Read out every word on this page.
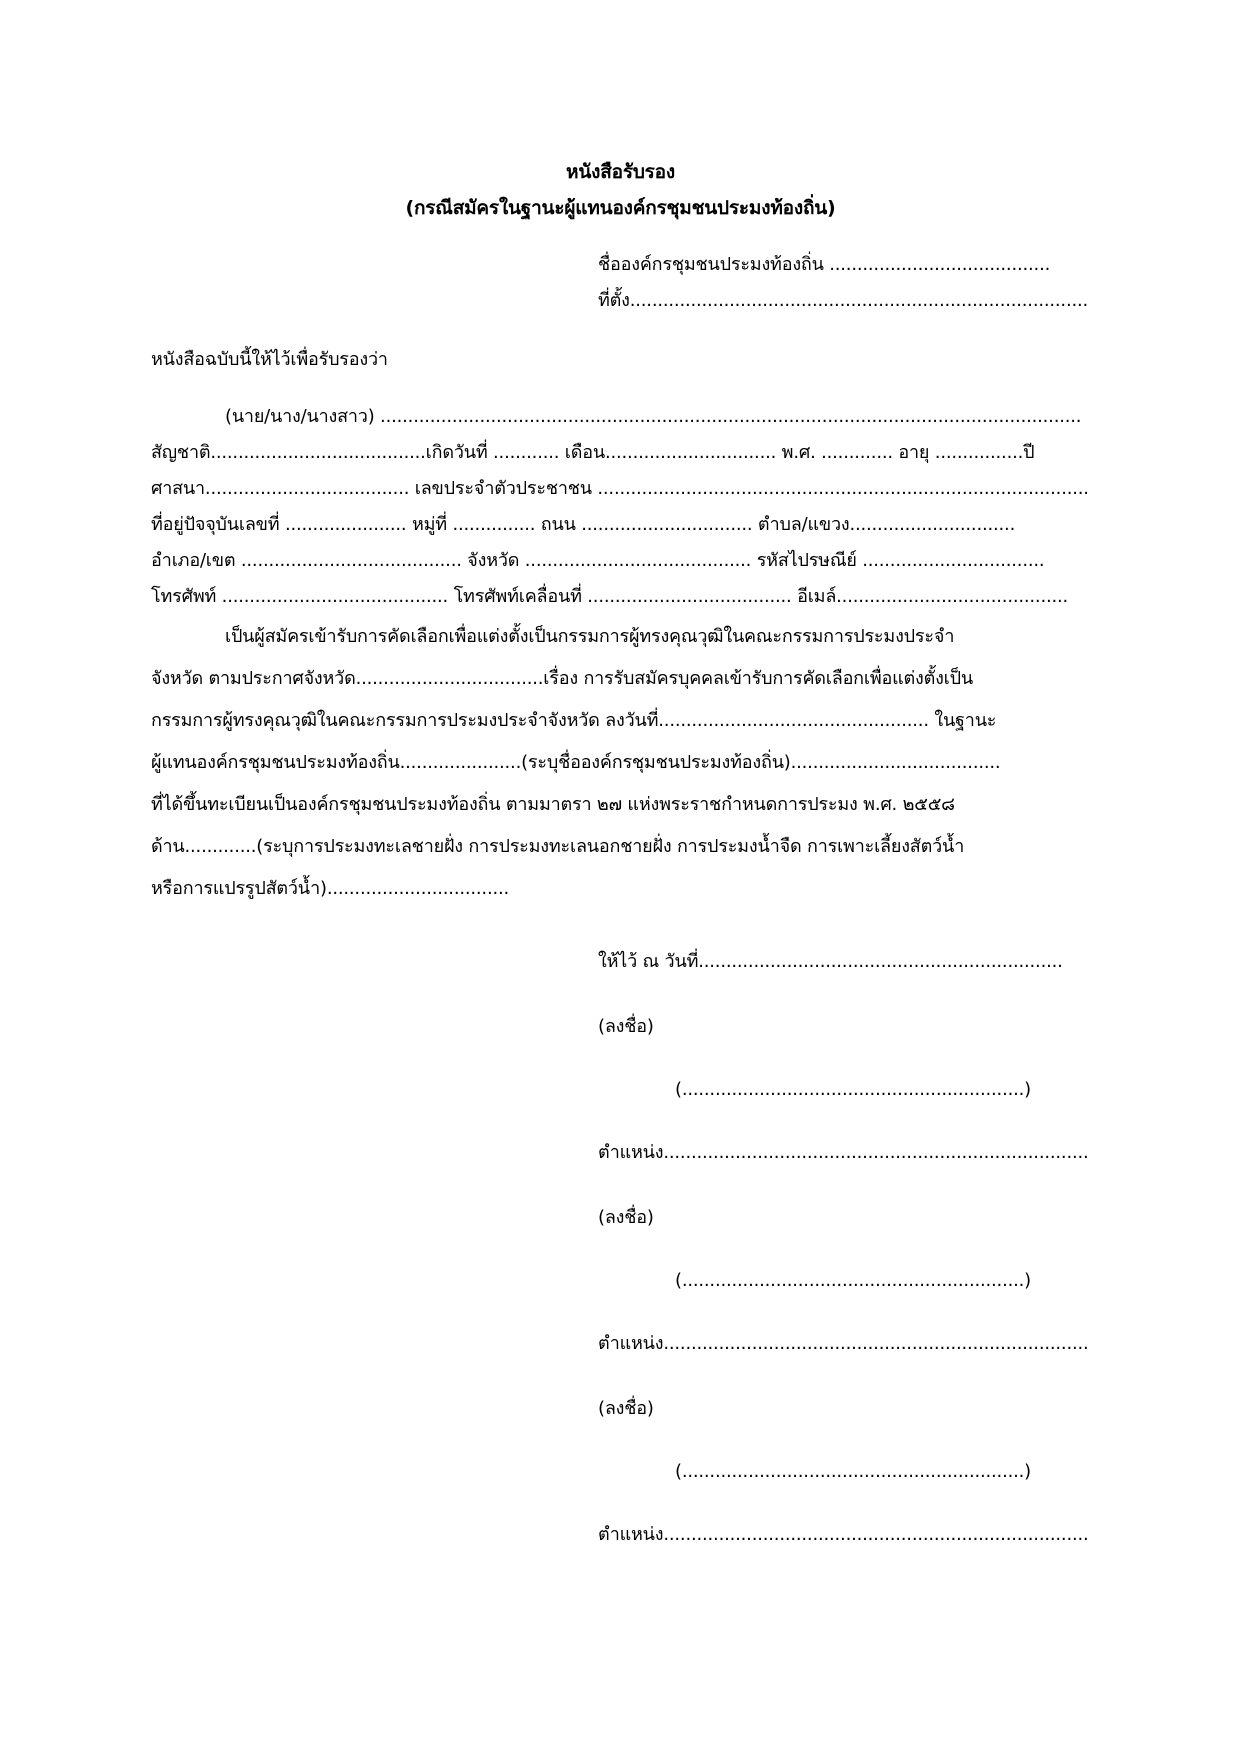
หนังสือรับรอง
(กรณีสมัครในฐานะผู้แทนองค์กรชุมชนประมงท้องถิ่น)
ชื่อองค์กรชุมชนประมงท้องถิ่น ........................................
ที่ตั้ง...................................................................................
หนังสือฉบับนี้ให้ไว้เพื่อรับรองว่า
(นาย/นาง/นางสาว) ...............................................................................................................................
สัญชาติ.......................................เกิดวันที่ ............ เดือน............................... พ.ศ. ............. อายุ ................ปี
ศาสนา..................................... เลขประจำตัวประชาชน .........................................................................................
ที่อยู่ปัจจุบันเลขที่ ...................... หมู่ที่ ............... ถนน ............................... ตำบล/แขวง..............................
อำเภอ/เขต ........................................ จังหวัด ......................................... รหัสไปรษณีย์ .................................
โทรศัพท์ ......................................... โทรศัพท์เคลื่อนที่ ..................................... อีเมล์..........................................
เป็นผู้สมัครเข้ารับการคัดเลือกเพื่อแต่งตั้งเป็นกรรมการผู้ทรงคุณวุฒิในคณะกรรมการประมงประจำ
จังหวัด ตามประกาศจังหวัด..................................เรื่อง การรับสมัครบุคคลเข้ารับการคัดเลือกเพื่อแต่งตั้งเป็น
กรรมการผู้ทรงคุณวุฒิในคณะกรรมการประมงประจำจังหวัด ลงวันที่................................................. ในฐานะ
ผู้แทนองค์กรชุมชนประมงท้องถิ่น......................(ระบุชื่อองค์กรชุมชนประมงท้องถิ่น)......................................
ที่ได้ขึ้นทะเบียนเป็นองค์กรชุมชนประมงท้องถิ่น ตามมาตรา ๒๗ แห่งพระราชกำหนดการประมง พ.ศ. ๒๕๕๘
ด้าน.............(ระบุการประมงทะเลชายฝั่ง การประมงทะเลนอกชายฝั่ง การประมงน้ำจืด การเพาะเลี้ยงสัตว์น้ำ
หรือการแปรรูปสัตว์น้ำ).................................
ให้ไว้ ณ วันที่..................................................................
(ลงชื่อ)
(..............................................................)
ตำแหน่ง.............................................................................
(ลงชื่อ)
(..............................................................)
ตำแหน่ง.............................................................................
(ลงชื่อ)
(..............................................................)
ตำแหน่ง.............................................................................
